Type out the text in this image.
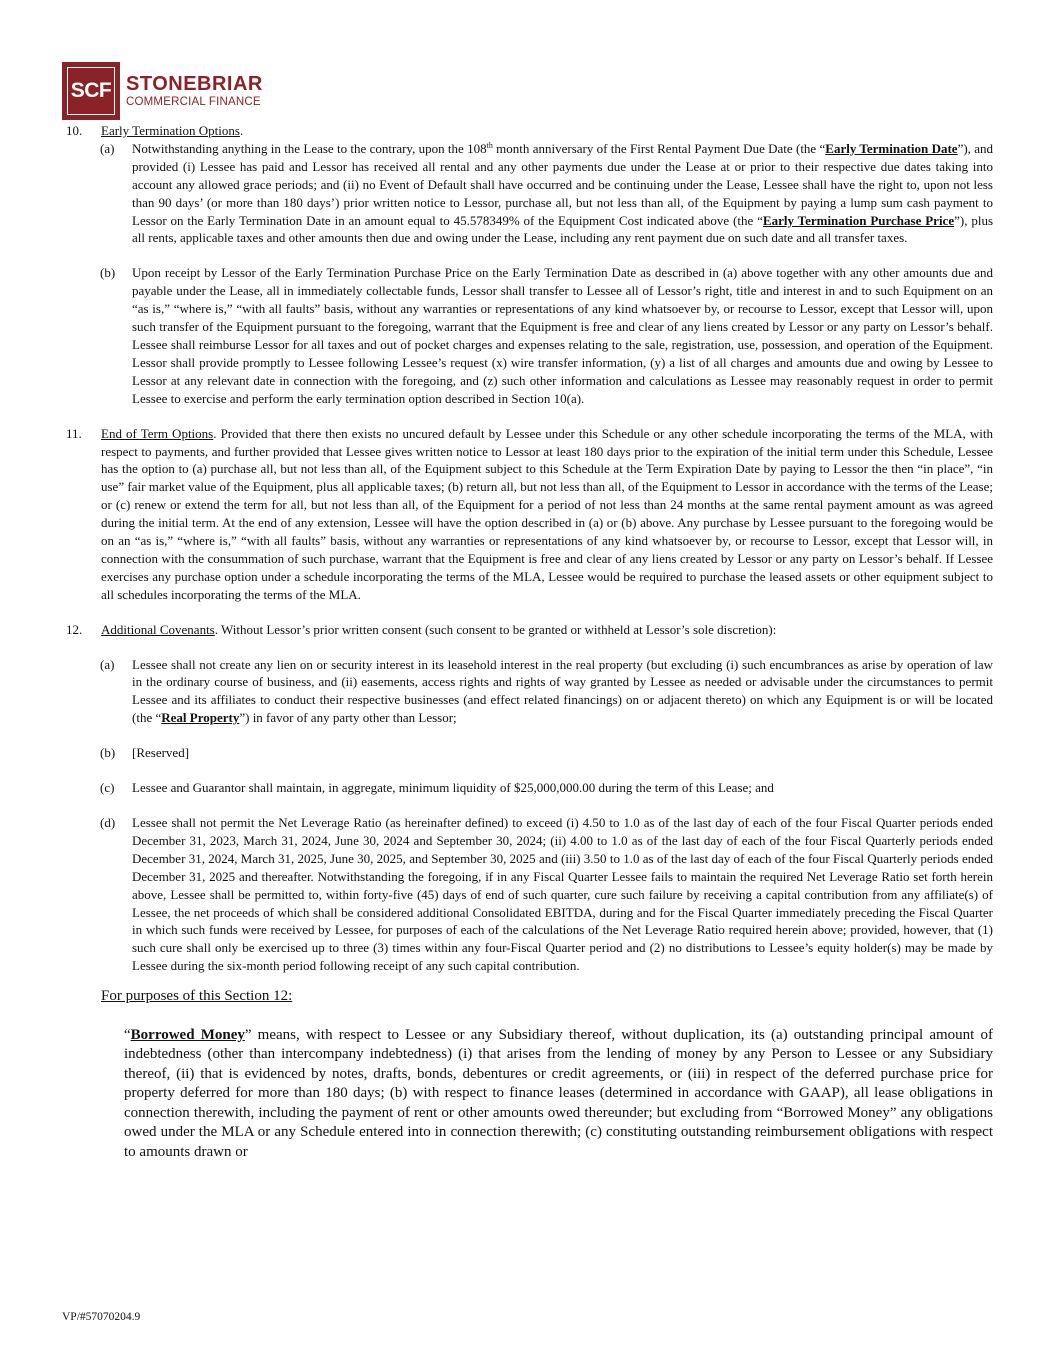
SCF STONEBRIAR
COMMERCIAL FINANCE
10.	Early Termination Options.
(a)	Notwithstanding anything in the Lease to the contrary, upon the 108th month anniversary of the First Rental Payment Due Date (the “Early Termination Date”), and provided (i) Lessee has paid and Lessor has received all rental and any other payments due under the Lease at or prior to their respective due dates taking into account any allowed grace periods; and (ii) no Event of Default shall have occurred and be continuing under the Lease, Lessee shall have the right to, upon not less than 90 days’ (or more than 180 days’) prior written notice to Lessor, purchase all, but not less than all, of the Equipment by paying a lump sum cash payment to Lessor on the Early Termination Date in an amount equal to 45.578349% of the Equipment Cost indicated above (the “Early Termination Purchase Price”), plus all rents, applicable taxes and other amounts then due and owing under the Lease, including any rent payment due on such date and all transfer taxes.
(b)	Upon receipt by Lessor of the Early Termination Purchase Price on the Early Termination Date as described in (a) above together with any other amounts due and payable under the Lease, all in immediately collectable funds, Lessor shall transfer to Lessee all of Lessor’s right, title and interest in and to such Equipment on an “as is,” “where is,” “with all faults” basis, without any warranties or representations of any kind whatsoever by, or recourse to Lessor, except that Lessor will, upon such transfer of the Equipment pursuant to the foregoing, warrant that the Equipment is free and clear of any liens created by Lessor or any party on Lessor’s behalf. Lessee shall reimburse Lessor for all taxes and out of pocket charges and expenses relating to the sale, registration, use, possession, and operation of the Equipment. Lessor shall provide promptly to Lessee following Lessee’s request (x) wire transfer information, (y) a list of all charges and amounts due and owing by Lessee to Lessor at any relevant date in connection with the foregoing, and (z) such other information and calculations as Lessee may reasonably request in order to permit Lessee to exercise and perform the early termination option described in Section 10(a).
11.	End of Term Options. Provided that there then exists no uncured default by Lessee under this Schedule or any other schedule incorporating the terms of the MLA, with respect to payments, and further provided that Lessee gives written notice to Lessor at least 180 days prior to the expiration of the initial term under this Schedule, Lessee has the option to (a) purchase all, but not less than all, of the Equipment subject to this Schedule at the Term Expiration Date by paying to Lessor the then “in place”, “in use” fair market value of the Equipment, plus all applicable taxes; (b) return all, but not less than all, of the Equipment to Lessor in accordance with the terms of the Lease; or (c) renew or extend the term for all, but not less than all, of the Equipment for a period of not less than 24 months at the same rental payment amount as was agreed during the initial term. At the end of any extension, Lessee will have the option described in (a) or (b) above. Any purchase by Lessee pursuant to the foregoing would be on an “as is,” “where is,” “with all faults” basis, without any warranties or representations of any kind whatsoever by, or recourse to Lessor, except that Lessor will, in connection with the consummation of such purchase, warrant that the Equipment is free and clear of any liens created by Lessor or any party on Lessor’s behalf. If Lessee exercises any purchase option under a schedule incorporating the terms of the MLA, Lessee would be required to purchase the leased assets or other equipment subject to all schedules incorporating the terms of the MLA.
12.	Additional Covenants. Without Lessor’s prior written consent (such consent to be granted or withheld at Lessor’s sole discretion):
(a)	Lessee shall not create any lien on or security interest in its leasehold interest in the real property (but excluding (i) such encumbrances as arise by operation of law in the ordinary course of business, and (ii) easements, access rights and rights of way granted by Lessee as needed or advisable under the circumstances to permit Lessee and its affiliates to conduct their respective businesses (and effect related financings) on or adjacent thereto) on which any Equipment is or will be located (the “Real Property”) in favor of any party other than Lessor;
(b)	[Reserved]
(c)	Lessee and Guarantor shall maintain, in aggregate, minimum liquidity of $25,000,000.00 during the term of this Lease; and
(d)	Lessee shall not permit the Net Leverage Ratio (as hereinafter defined) to exceed (i) 4.50 to 1.0 as of the last day of each of the four Fiscal Quarter periods ended December 31, 2023, March 31, 2024, June 30, 2024 and September 30, 2024; (ii) 4.00 to 1.0 as of the last day of each of the four Fiscal Quarterly periods ended December 31, 2024, March 31, 2025, June 30, 2025, and September 30, 2025 and (iii) 3.50 to 1.0 as of the last day of each of the four Fiscal Quarterly periods ended December 31, 2025 and thereafter. Notwithstanding the foregoing, if in any Fiscal Quarter Lessee fails to maintain the required Net Leverage Ratio set forth herein above, Lessee shall be permitted to, within forty-five (45) days of end of such quarter, cure such failure by receiving a capital contribution from any affiliate(s) of Lessee, the net proceeds of which shall be considered additional Consolidated EBITDA, during and for the Fiscal Quarter immediately preceding the Fiscal Quarter in which such funds were received by Lessee, for purposes of each of the calculations of the Net Leverage Ratio required herein above; provided, however, that (1) such cure shall only be exercised up to three (3) times within any four-Fiscal Quarter period and (2) no distributions to Lessee’s equity holder(s) may be made by Lessee during the six-month period following receipt of any such capital contribution.
For purposes of this Section 12:
“Borrowed Money” means, with respect to Lessee or any Subsidiary thereof, without duplication, its (a) outstanding principal amount of indebtedness (other than intercompany indebtedness) (i) that arises from the lending of money by any Person to Lessee or any Subsidiary thereof, (ii) that is evidenced by notes, drafts, bonds, debentures or credit agreements, or (iii) in respect of the deferred purchase price for property deferred for more than 180 days; (b) with respect to finance leases (determined in accordance with GAAP), all lease obligations in connection therewith, including the payment of rent or other amounts owed thereunder; but excluding from “Borrowed Money” any obligations owed under the MLA or any Schedule entered into in connection therewith; (c) constituting outstanding reimbursement obligations with respect to amounts drawn or
VP/#57070204.9
